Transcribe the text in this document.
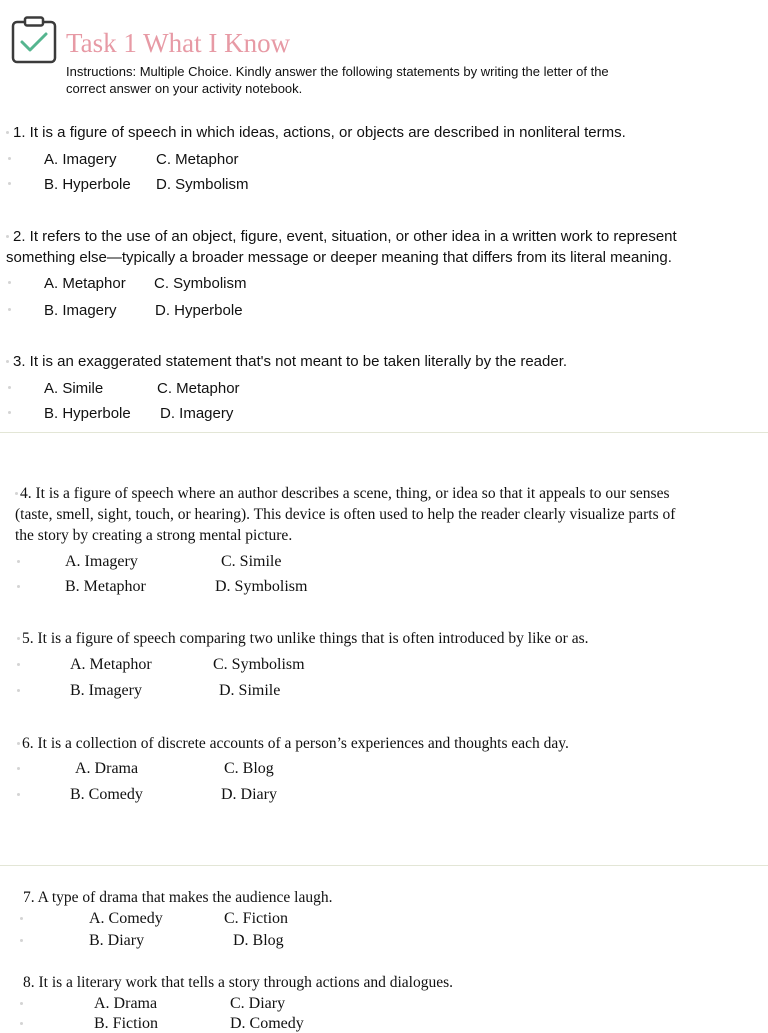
Task 1 What I Know
Instructions: Multiple Choice. Kindly answer the following statements by writing the letter of the
correct answer on your activity notebook.
1. It is a figure of speech in which ideas, actions, or objects are described in nonliteral terms.
A. Imagery	C. Metaphor
B. Hyperbole D. Symbolism
2. It refers to the use of an object, figure, event, situation, or other idea in a written work to represent
something else—typically a broader message or deeper meaning that differs from its literal meaning.
A. Metaphor C. Symbolism
B. Imagery	D. Hyperbole
3. It is an exaggerated statement that's not meant to be taken literally by the reader.
A. Simile	C. Metaphor
B. Hyperbole D. Imagery
4. It is a figure of speech where an author describes a scene, thing, or idea so that it appeals to our senses
(taste, smell, sight, touch, or hearing). This device is often used to help the reader clearly visualize parts of
the story by creating a strong mental picture.
A. Imagery	C. Simile
B. Metaphor	D. Symbolism
5. It is a figure of speech comparing two unlike things that is often introduced by like or as.
A. Metaphor	C. Symbolism
B. Imagery	D. Simile
6. It is a collection of discrete accounts of a person’s experiences and thoughts each day.
A. Drama	C. Blog
B. Comedy	D. Diary
7. A type of drama that makes the audience laugh.
A. Comedy	C. Fiction
B. Diary	D. Blog
8. It is a literary work that tells a story through actions and dialogues.
A. Drama	C. Diary
B. Fiction	D. Comedy
